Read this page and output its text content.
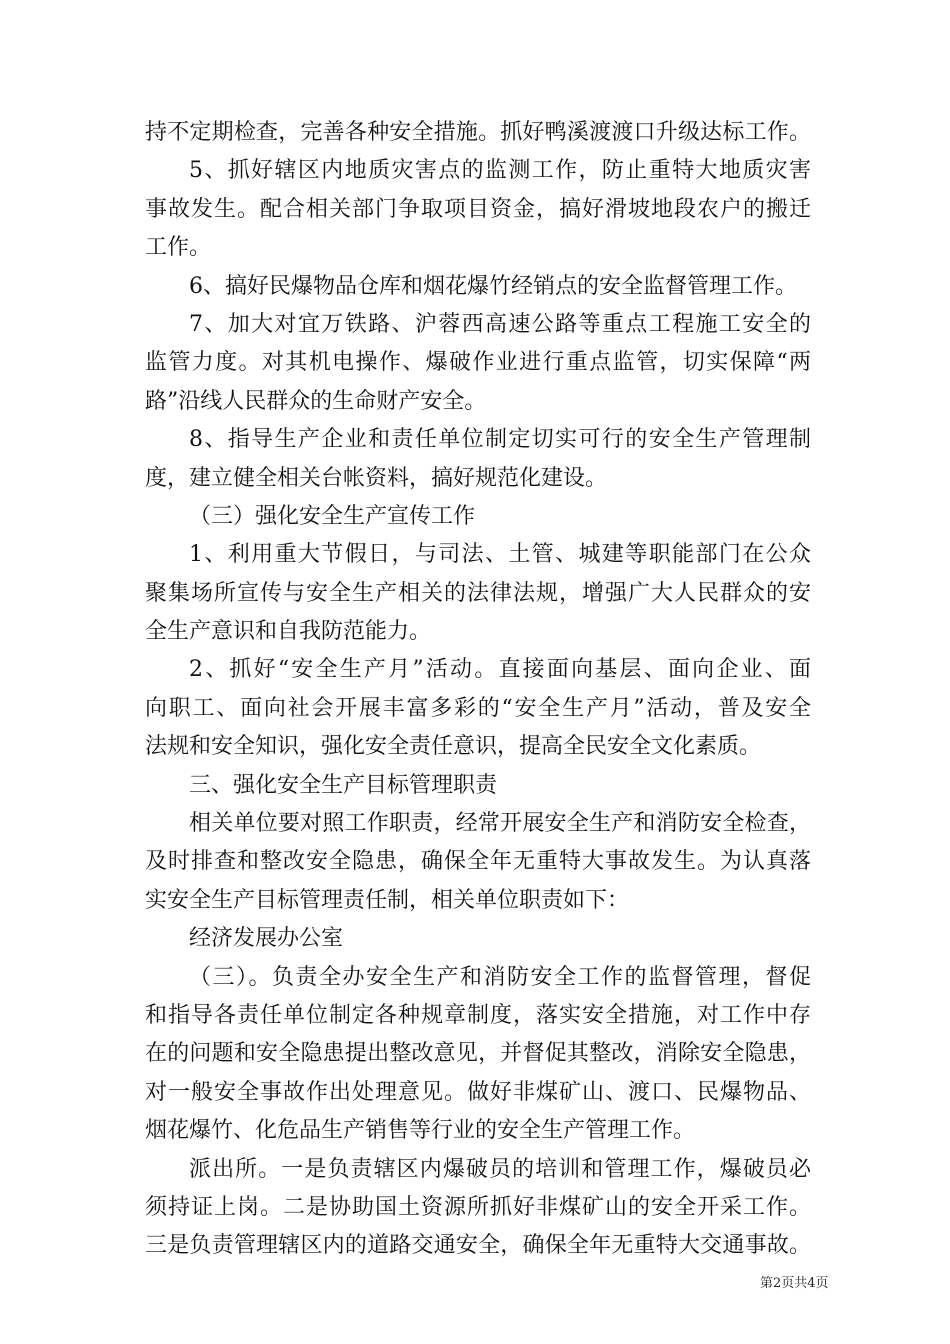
持不定期检查，完善各种安全措施。抓好鸭溪渡渡口升级达标工作。
5、抓好辖区内地质灾害点的监测工作，防止重特大地质灾害
事故发生。配合相关部门争取项目资金，搞好滑坡地段农户的搬迁
工作。
6、搞好民爆物品仓库和烟花爆竹经销点的安全监督管理工作。
7、加大对宜万铁路、沪蓉西高速公路等重点工程施工安全的
监管力度。对其机电操作、爆破作业进行重点监管，切实保障“两
路”沿线人民群众的生命财产安全。
8、指导生产企业和责任单位制定切实可行的安全生产管理制
度，建立健全相关台帐资料，搞好规范化建设。
（三）强化安全生产宣传工作
1、利用重大节假日，与司法、土管、城建等职能部门在公众
聚集场所宣传与安全生产相关的法律法规，增强广大人民群众的安
全生产意识和自我防范能力。
2、抓好“安全生产月”活动。直接面向基层、面向企业、面
向职工、面向社会开展丰富多彩的“安全生产月”活动，普及安全
法规和安全知识，强化安全责任意识，提高全民安全文化素质。
三、强化安全生产目标管理职责
相关单位要对照工作职责，经常开展安全生产和消防安全检查，
及时排查和整改安全隐患，确保全年无重特大事故发生。为认真落
实安全生产目标管理责任制，相关单位职责如下：
经济发展办公室
（三）。负责全办安全生产和消防安全工作的监督管理，督促
和指导各责任单位制定各种规章制度，落实安全措施，对工作中存
在的问题和安全隐患提出整改意见，并督促其整改，消除安全隐患，
对一般安全事故作出处理意见。做好非煤矿山、渡口、民爆物品、
烟花爆竹、化危品生产销售等行业的安全生产管理工作。
派出所。一是负责辖区内爆破员的培训和管理工作，爆破员必
须持证上岗。二是协助国土资源所抓好非煤矿山的安全开采工作。
三是负责管理辖区内的道路交通安全，确保全年无重特大交通事故。
第2页共4页
